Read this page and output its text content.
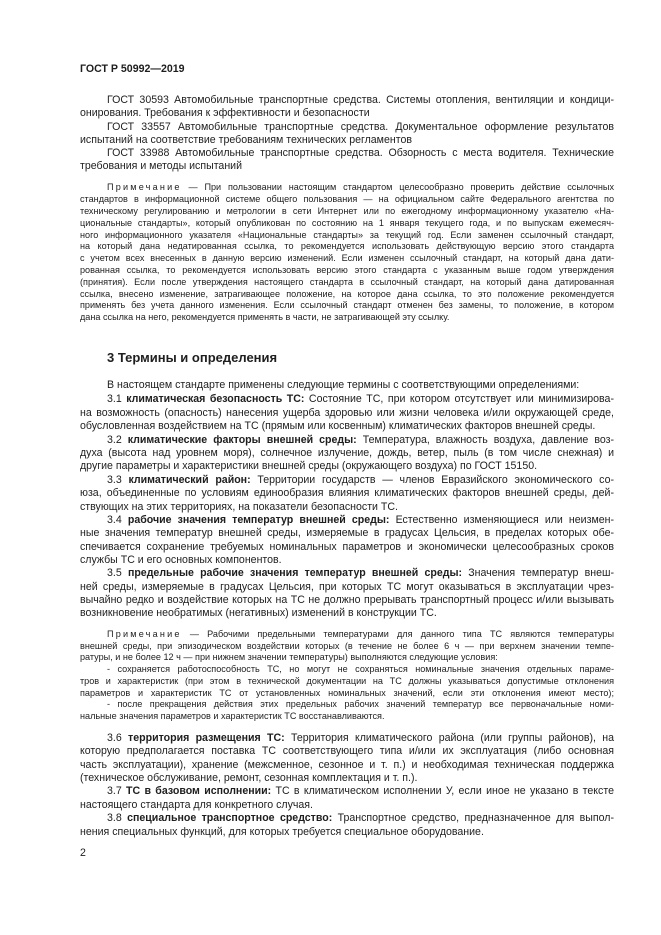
ГОСТ Р 50992—2019
ГОСТ 30593 Автомобильные транспортные средства. Системы отопления, вентиляции и кондици-
онирования. Требования к эффективности и безопасности
ГОСТ 33557 Автомобильные транспортные средства. Документальное оформление результатов
испытаний на соответствие требованиям технических регламентов
ГОСТ 33988 Автомобильные транспортные средства. Обзорность с места водителя. Технические
требования и методы испытаний
Примечание — При пользовании настоящим стандартом целесообразно проверить действие ссылочных
стандартов в информационной системе общего пользования — на официальном сайте Федерального агентства по
техническому регулированию и метрологии в сети Интернет или по ежегодному информационному указателю «На-
циональные стандарты», который опубликован по состоянию на 1 января текущего года, и по выпускам ежемесяч-
ного информационного указателя «Национальные стандарты» за текущий год. Если заменен ссылочный стандарт,
на который дана недатированная ссылка, то рекомендуется использовать действующую версию этого стандарта
с учетом всех внесенных в данную версию изменений. Если изменен ссылочный стандарт, на который дана дати-
рованная ссылка, то рекомендуется использовать версию этого стандарта с указанным выше годом утверждения
(принятия). Если после утверждения настоящего стандарта в ссылочный стандарт, на который дана датированная
ссылка, внесено изменение, затрагивающее положение, на которое дана ссылка, то это положение рекомендуется
применять без учета данного изменения. Если ссылочный стандарт отменен без замены, то положение, в котором
дана ссылка на него, рекомендуется применять в части, не затрагивающей эту ссылку.
3 Термины и определения
В настоящем стандарте применены следующие термины с соответствующими определениями:
3.1 климатическая безопасность ТС: Состояние ТС, при котором отсутствует или минимизирова-
на возможность (опасность) нанесения ущерба здоровью или жизни человека и/или окружающей среде,
обусловленная воздействием на ТС (прямым или косвенным) климатических факторов внешней среды.
3.2 климатические факторы внешней среды: Температура, влажность воздуха, давление воз-
духа (высота над уровнем моря), солнечное излучение, дождь, ветер, пыль (в том числе снежная) и
другие параметры и характеристики внешней среды (окружающего воздуха) по ГОСТ 15150.
3.3 климатический район: Территории государств — членов Евразийского экономического со-
юза, объединенные по условиям единообразия влияния климатических факторов внешней среды, дей-
ствующих на этих территориях, на показатели безопасности ТС.
3.4 рабочие значения температур внешней среды: Естественно изменяющиеся или неизмен-
ные значения температур внешней среды, измеряемые в градусах Цельсия, в пределах которых обе-
спечивается сохранение требуемых номинальных параметров и экономически целесообразных сроков
службы ТС и его основных компонентов.
3.5 предельные рабочие значения температур внешней среды: Значения температур внеш-
ней среды, измеряемые в градусах Цельсия, при которых ТС могут оказываться в эксплуатации чрез-
вычайно редко и воздействие которых на ТС не должно прерывать транспортный процесс и/или вызывать
возникновение необратимых (негативных) изменений в конструкции ТС.
Примечание — Рабочими предельными температурами для данного типа ТС являются температуры
внешней среды, при эпизодическом воздействии которых (в течение не более 6 ч — при верхнем значении темпе-
ратуры, и не более 12 ч — при нижнем значении температуры) выполняются следующие условия:
- сохраняется работоспособность ТС, но могут не сохраняться номинальные значения отдельных параме-
тров и характеристик (при этом в технической документации на ТС должны указываться допустимые отклонения
параметров и характеристик ТС от установленных номинальных значений, если эти отклонения имеют место);
- после прекращения действия этих предельных рабочих значений температур все первоначальные номи-
нальные значения параметров и характеристик ТС восстанавливаются.
3.6 территория размещения ТС: Территория климатического района (или группы районов), на
которую предполагается поставка ТС соответствующего типа и/или их эксплуатация (либо основная
часть эксплуатации), хранение (межсменное, сезонное и т. п.) и необходимая техническая поддержка
(техническое обслуживание, ремонт, сезонная комплектация и т. п.).
3.7 ТС в базовом исполнении: ТС в климатическом исполнении У, если иное не указано в тексте
настоящего стандарта для конкретного случая.
3.8 специальное транспортное средство: Транспортное средство, предназначенное для выпол-
нения специальных функций, для которых требуется специальное оборудование.
2
